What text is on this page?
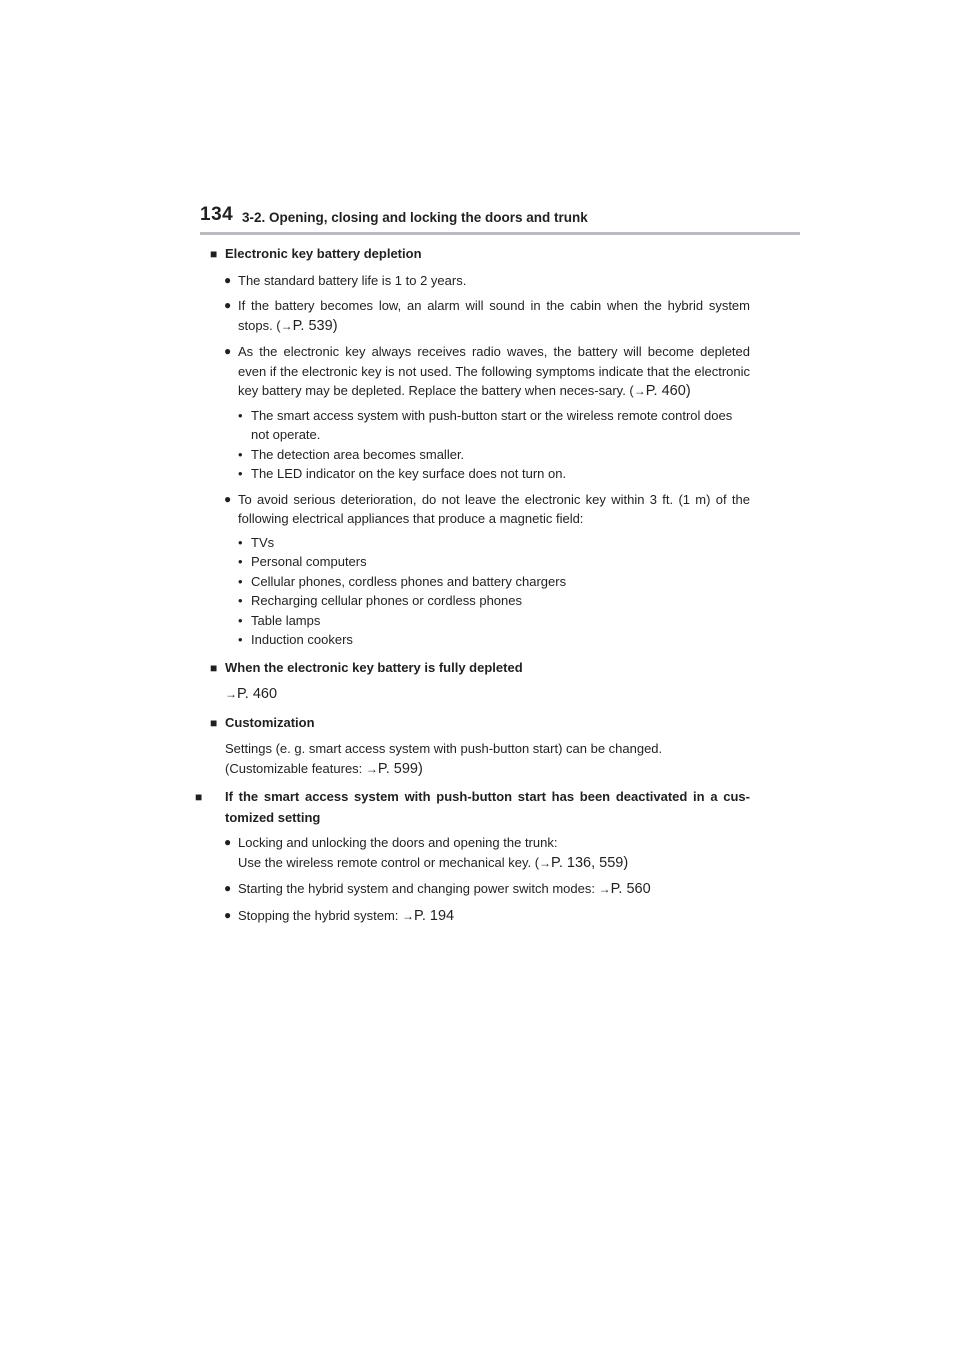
134 3-2. Opening, closing and locking the doors and trunk
■ Electronic key battery depletion
● The standard battery life is 1 to 2 years.
● If the battery becomes low, an alarm will sound in the cabin when the hybrid system stops. (→P. 539)
● As the electronic key always receives radio waves, the battery will become depleted even if the electronic key is not used. The following symptoms indicate that the electronic key battery may be depleted. Replace the battery when neces-sary. (→P. 460)
• The smart access system with push-button start or the wireless remote control does not operate.
• The detection area becomes smaller.
• The LED indicator on the key surface does not turn on.
● To avoid serious deterioration, do not leave the electronic key within 3 ft. (1 m) of the following electrical appliances that produce a magnetic field:
• TVs
• Personal computers
• Cellular phones, cordless phones and battery chargers
• Recharging cellular phones or cordless phones
• Table lamps
• Induction cookers
■ When the electronic key battery is fully depleted
→P. 460
■ Customization
Settings (e. g. smart access system with push-button start) can be changed.
(Customizable features: →P. 599)
■ If the smart access system with push-button start has been deactivated in a cus-tomized setting
● Locking and unlocking the doors and opening the trunk:
Use the wireless remote control or mechanical key. (→P. 136, 559)
● Starting the hybrid system and changing power switch modes: →P. 560
● Stopping the hybrid system: →P. 194
